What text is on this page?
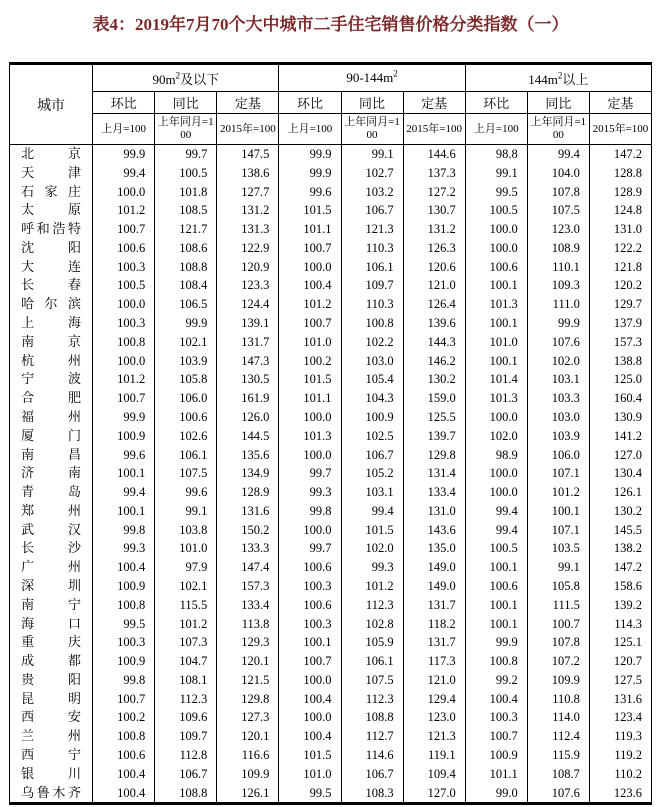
表4：2019年7月70个大中城市二手住宅销售价格分类指数（一）
城市	$90m^2$及以下			$90-144m^2$			$144m^2$以上		
	环比	同比	定基	环比	同比	定基	环比	同比	定基
	上月=100	上年同月=100	2015年=100	上月=100	上年同月=100	2015年=100	上月=100	上年同月=100	2015年=100
北京	99.9	99.7	147.5	99.9	99.1	144.6	98.8	99.4	147.2
天津	99.4	100.5	138.6	99.9	102.7	137.3	99.1	104.0	128.8
石家庄	100.0	101.8	127.7	99.6	103.2	127.2	99.5	107.8	128.9
太原	101.2	108.5	131.2	101.5	106.7	130.7	100.5	107.5	124.8
呼和浩特	100.7	121.7	131.3	101.1	121.3	131.2	100.0	123.0	131.0
沈阳	100.6	108.6	122.9	100.7	110.3	126.3	100.0	108.9	122.2
大连	100.3	108.8	120.9	100.0	106.1	120.6	100.6	110.1	121.8
长春	100.5	108.4	123.3	100.4	109.7	121.0	100.1	109.3	120.2
哈尔滨	100.0	106.5	124.4	101.2	110.3	126.4	101.3	111.0	129.7
上海	100.3	99.9	139.1	100.7	100.8	139.6	100.1	99.9	137.9
南京	100.8	102.1	131.7	101.0	102.2	144.3	101.0	107.6	157.3
杭州	100.0	103.9	147.3	100.2	103.0	146.2	100.1	102.0	138.8
宁波	101.2	105.8	130.5	101.5	105.4	130.2	101.4	103.1	125.0
合肥	100.7	106.0	161.9	101.1	104.3	159.0	101.3	103.3	160.4
福州	99.9	100.6	126.0	100.0	100.9	125.5	100.0	103.0	130.9
厦门	100.9	102.6	144.5	101.3	102.5	139.7	102.0	103.9	141.2
南昌	99.6	106.1	135.6	100.0	106.7	129.8	98.9	106.0	127.0
济南	100.1	107.5	134.9	99.7	105.2	131.4	100.0	107.1	130.4
青岛	99.4	99.6	128.9	99.3	103.1	133.4	100.0	101.2	126.1
郑州	100.1	99.1	131.6	99.8	99.4	131.0	99.4	100.1	130.2
武汉	99.8	103.8	150.2	100.0	101.5	143.6	99.4	107.1	145.5
长沙	99.3	101.0	133.3	99.7	102.0	135.0	100.5	103.5	138.2
广州	100.4	97.9	147.4	100.6	99.3	149.0	100.1	99.1	147.2
深圳	100.9	102.1	157.3	100.3	101.2	149.0	100.6	105.8	158.6
南宁	100.8	115.5	133.4	100.6	112.3	131.7	100.1	111.5	139.2
海口	99.5	101.2	113.8	100.3	102.8	118.2	100.1	100.7	114.3
重庆	100.3	107.3	129.3	100.1	105.9	131.7	99.9	107.8	125.1
成都	100.9	104.7	120.1	100.7	106.1	117.3	100.8	107.2	120.7
贵阳	99.8	108.1	121.5	100.0	107.5	121.0	99.2	109.9	127.5
昆明	100.7	112.3	129.8	100.4	112.3	129.4	100.4	110.8	131.6
西安	100.2	109.6	127.3	100.0	108.8	123.0	100.3	114.0	123.4
兰州	100.8	109.7	120.1	100.4	112.7	121.3	100.7	112.4	119.3
西宁	100.6	112.8	116.6	101.5	114.6	119.1	100.9	115.9	119.2
银川	100.4	106.7	109.9	101.0	106.7	109.4	101.1	108.7	110.2
乌鲁木齐	100.4	108.8	126.1	99.5	108.3	127.0	99.0	107.6	123.6
